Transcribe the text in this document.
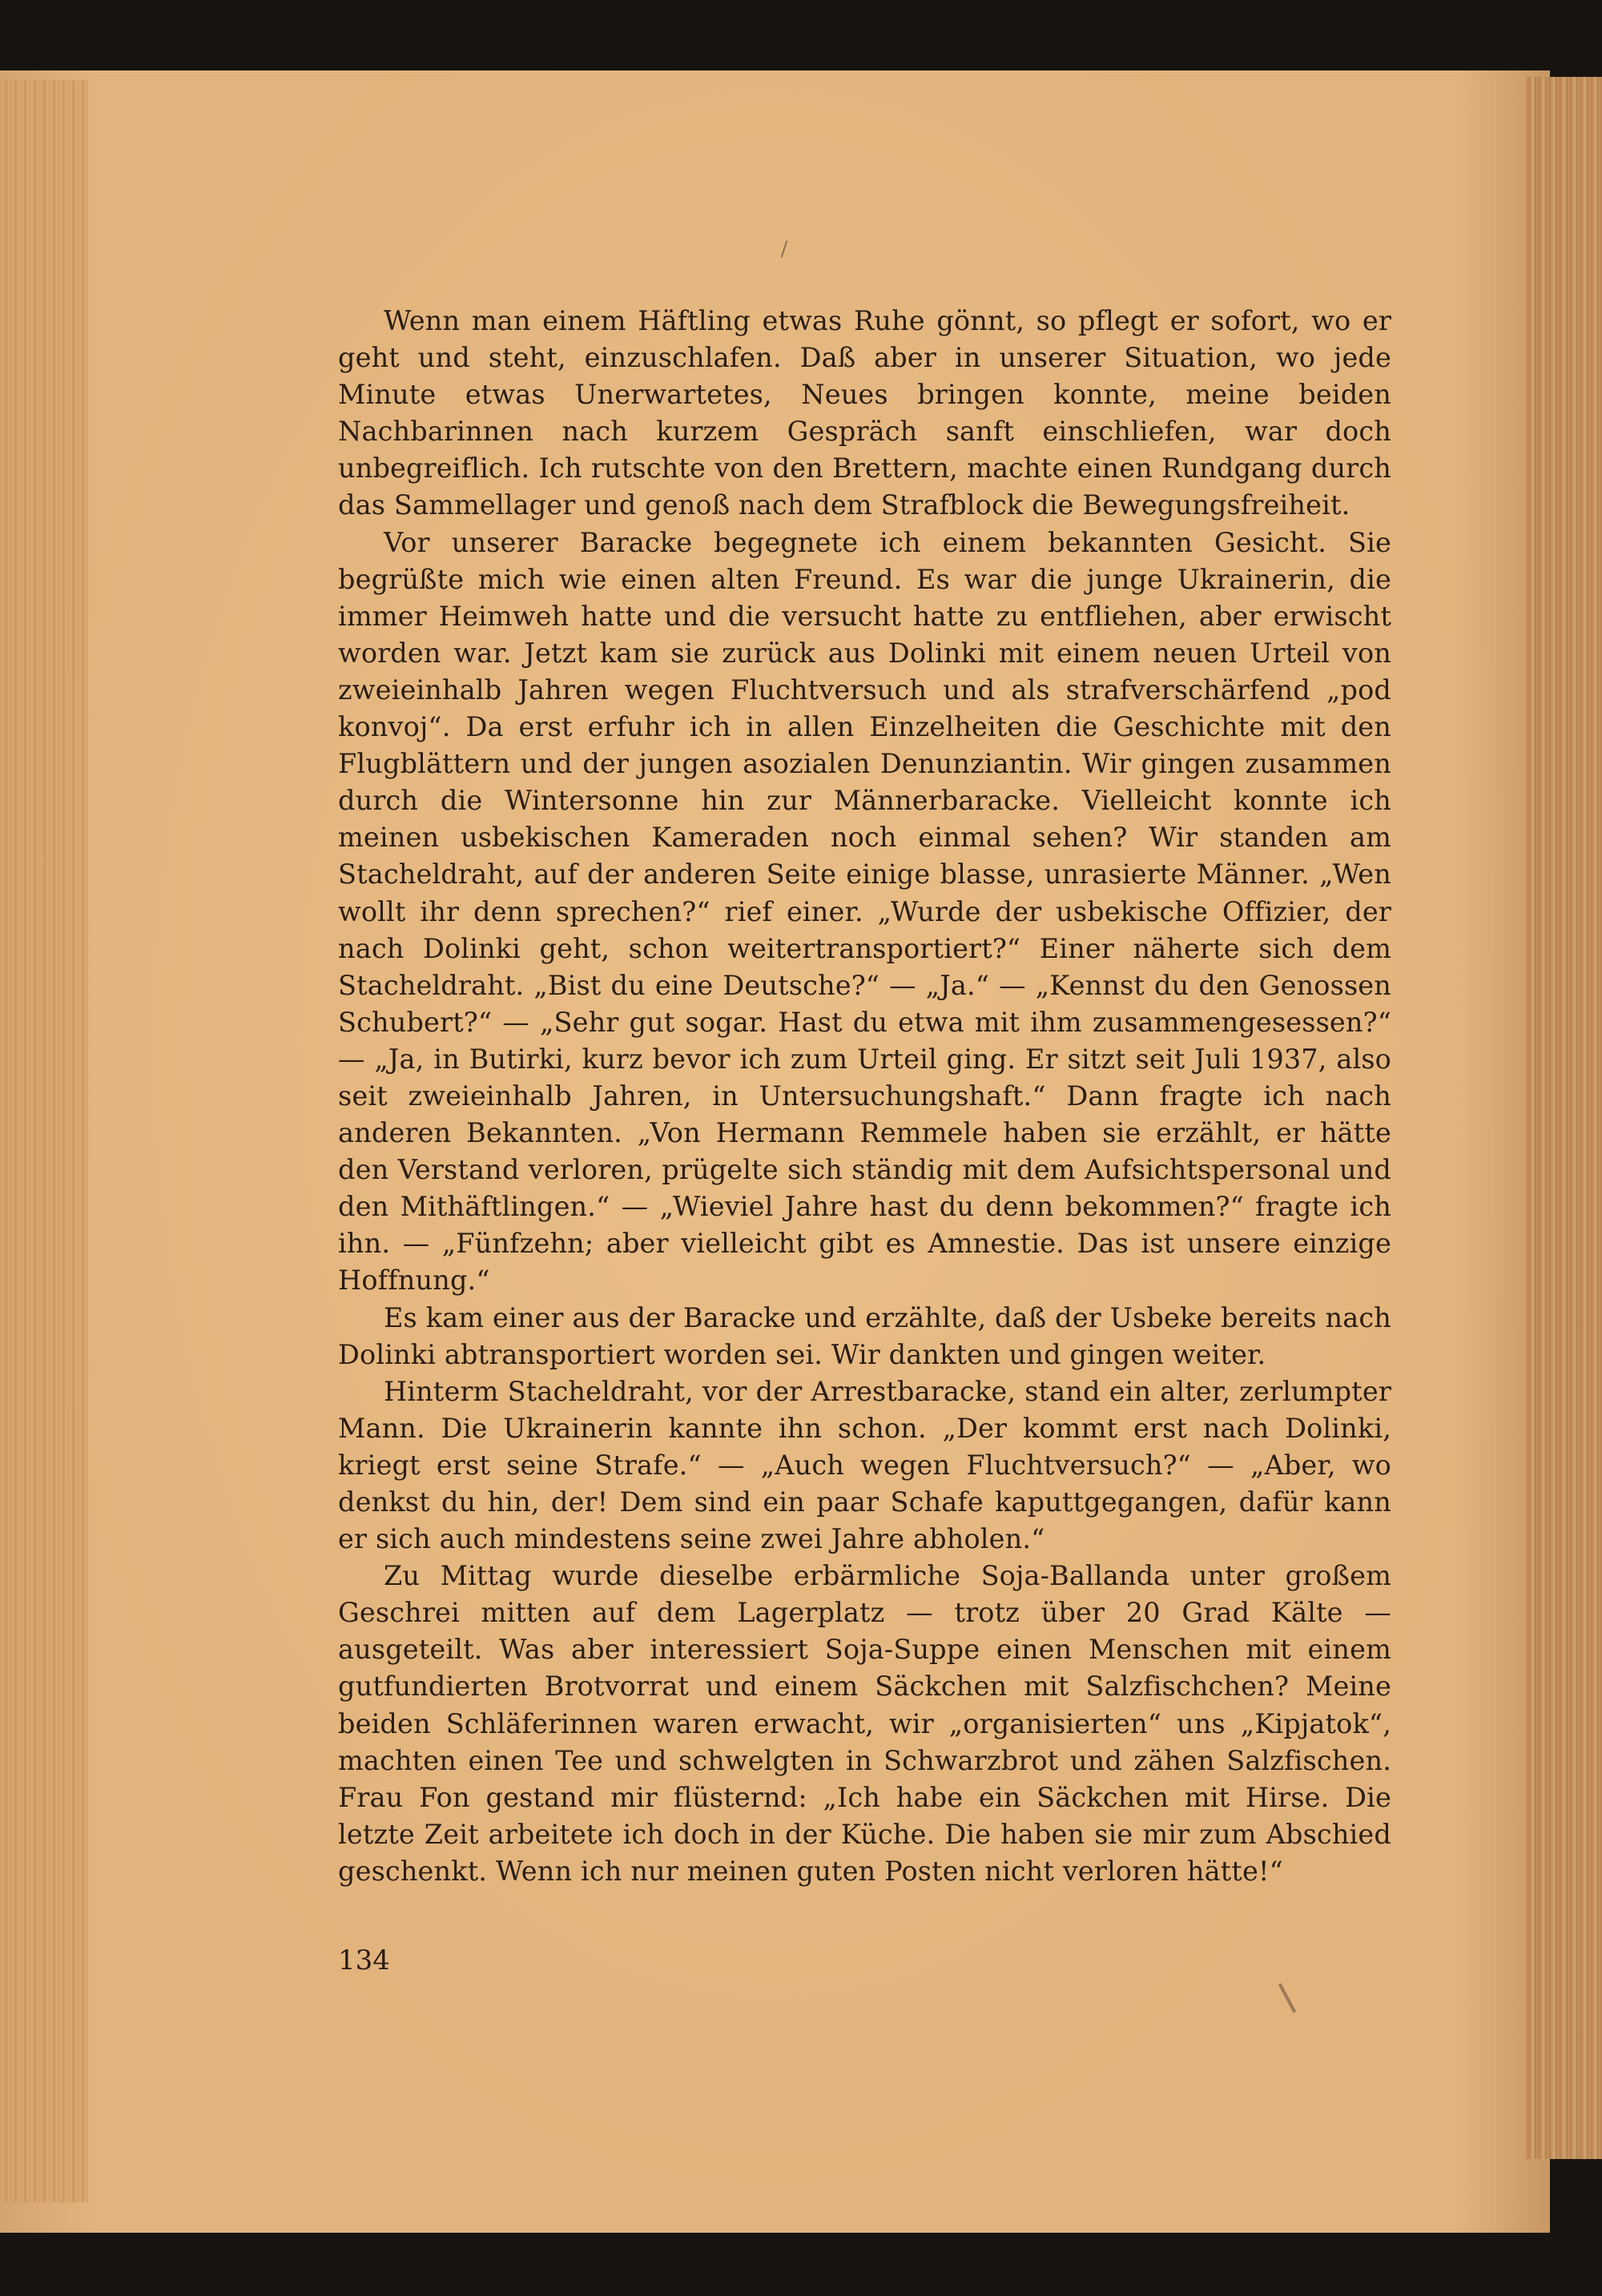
Wenn man einem Häftling etwas Ruhe gönnt, so pflegt er sofort, wo er geht und steht, einzuschlafen. Daß aber in unserer Situation, wo jede Minute etwas Unerwartetes, Neues bringen konnte, meine beiden Nachbarinnen nach kurzem Gespräch sanft einschliefen, war doch unbegreiflich. Ich rutschte von den Brettern, machte einen Rundgang durch das Sammellager und genoß nach dem Strafblock die Bewegungsfreiheit.

Vor unserer Baracke begegnete ich einem bekannten Gesicht. Sie begrüßte mich wie einen alten Freund. Es war die junge Ukrainerin, die immer Heimweh hatte und die versucht hatte zu entfliehen, aber erwischt worden war. Jetzt kam sie zurück aus Dolinki mit einem neuen Urteil von zweieinhalb Jahren wegen Fluchtversuch und als strafverschärfend „pod konvoj“. Da erst erfuhr ich in allen Einzelheiten die Geschichte mit den Flugblättern und der jungen asozialen Denunziantin. Wir gingen zusammen durch die Wintersonne hin zur Männerbaracke. Vielleicht konnte ich meinen usbekischen Kameraden noch einmal sehen? Wir standen am Stacheldraht, auf der anderen Seite einige blasse, unrasierte Männer. „Wen wollt ihr denn sprechen?“ rief einer. „Wurde der usbekische Offizier, der nach Dolinki geht, schon weitertransportiert?“ Einer näherte sich dem Stacheldraht. „Bist du eine Deutsche?“ — „Ja.“ — „Kennst du den Genossen Schubert?“ — „Sehr gut sogar. Hast du etwa mit ihm zusammengesessen?“ — „Ja, in Butirki, kurz bevor ich zum Urteil ging. Er sitzt seit Juli 1937, also seit zweieinhalb Jahren, in Untersuchungshaft.“ Dann fragte ich nach anderen Bekannten. „Von Hermann Remmele haben sie erzählt, er hätte den Verstand verloren, prügelte sich ständig mit dem Aufsichtspersonal und den Mithäftlingen.“ — „Wieviel Jahre hast du denn bekommen?“ fragte ich ihn. — „Fünfzehn; aber vielleicht gibt es Amnestie. Das ist unsere einzige Hoffnung.“

Es kam einer aus der Baracke und erzählte, daß der Usbeke bereits nach Dolinki abtransportiert worden sei. Wir dankten und gingen weiter.

Hinterm Stacheldraht, vor der Arrestbaracke, stand ein alter, zerlumpter Mann. Die Ukrainerin kannte ihn schon. „Der kommt erst nach Dolinki, kriegt erst seine Strafe.“ — „Auch wegen Fluchtversuch?“ — „Aber, wo denkst du hin, der! Dem sind ein paar Schafe kaputtgegangen, dafür kann er sich auch mindestens seine zwei Jahre abholen.“

Zu Mittag wurde dieselbe erbärmliche Soja-Ballanda unter großem Geschrei mitten auf dem Lagerplatz — trotz über 20 Grad Kälte — ausgeteilt. Was aber interessiert Soja-Suppe einen Menschen mit einem gutfundierten Brotvorrat und einem Säckchen mit Salzfischchen? Meine beiden Schläferinnen waren erwacht, wir „organisierten“ uns „Kipjatok“, machten einen Tee und schwelgten in Schwarzbrot und zähen Salzfischen. Frau Fon gestand mir flüsternd: „Ich habe ein Säckchen mit Hirse. Die letzte Zeit arbeitete ich doch in der Küche. Die haben sie mir zum Abschied geschenkt. Wenn ich nur meinen guten Posten nicht verloren hätte!“

134
